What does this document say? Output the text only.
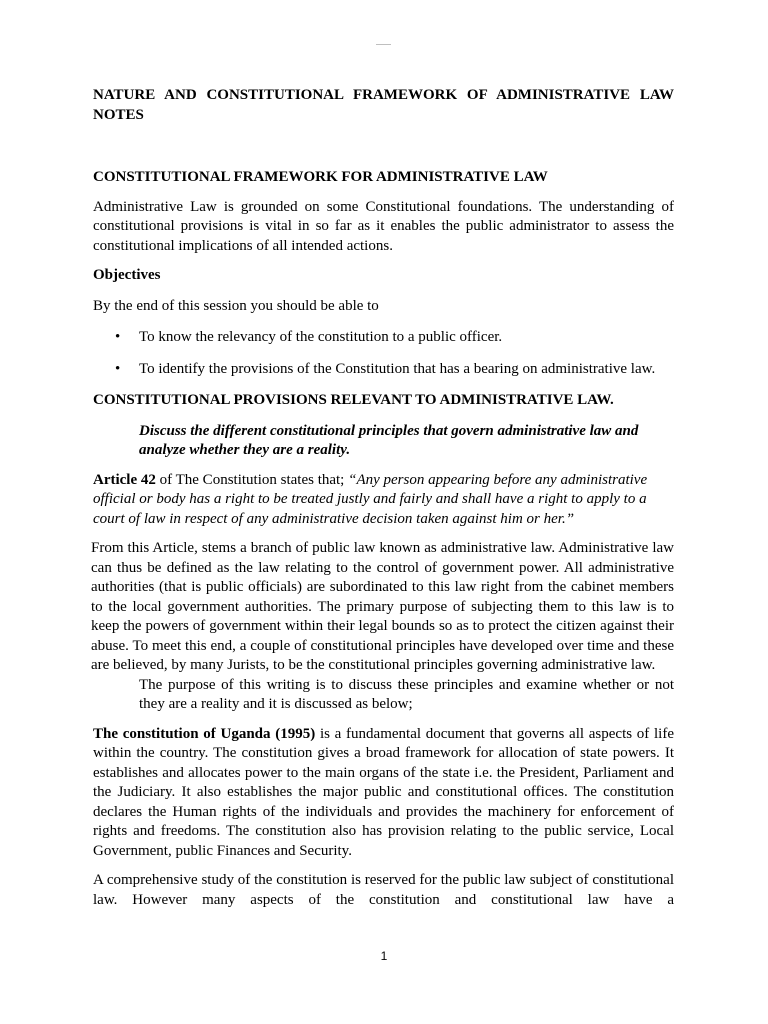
NATURE AND CONSTITUTIONAL FRAMEWORK OF ADMINISTRATIVE LAW NOTES

CONSTITUTIONAL FRAMEWORK FOR ADMINISTRATIVE LAW

Administrative Law is grounded on some Constitutional foundations. The understanding of constitutional provisions is vital in so far as it enables the public administrator to assess the constitutional implications of all intended actions.

Objectives

By the end of this session you should be able to

• To know the relevancy of the constitution to a public officer.
• To identify the provisions of the Constitution that has a bearing on administrative law.

CONSTITUTIONAL PROVISIONS RELEVANT TO ADMINISTRATIVE LAW.

Discuss the different constitutional principles that govern administrative law and analyze whether they are a reality.

Article 42 of The Constitution states that; “Any person appearing before any administrative official or body has a right to be treated justly and fairly and shall have a right to apply to a court of law in respect of any administrative decision taken against him or her.”

From this Article, stems a branch of public law known as administrative law. Administrative law can thus be defined as the law relating to the control of government power. All administrative authorities (that is public officials) are subordinated to this law right from the cabinet members to the local government authorities. The primary purpose of subjecting them to this law is to keep the powers of government within their legal bounds so as to protect the citizen against their abuse. To meet this end, a couple of constitutional principles have developed over time and these are believed, by many Jurists, to be the constitutional principles governing administrative law.

The purpose of this writing is to discuss these principles and examine whether or not they are a reality and it is discussed as below;

The constitution of Uganda (1995) is a fundamental document that governs all aspects of life within the country. The constitution gives a broad framework for allocation of state powers. It establishes and allocates power to the main organs of the state i.e. the President, Parliament and the Judiciary. It also establishes the major public and constitutional offices. The constitution declares the Human rights of the individuals and provides the machinery for enforcement of rights and freedoms. The constitution also has provision relating to the public service, Local Government, public Finances and Security.

A comprehensive study of the constitution is reserved for the public law subject of constitutional law. However many aspects of the constitution and constitutional law have a

1
